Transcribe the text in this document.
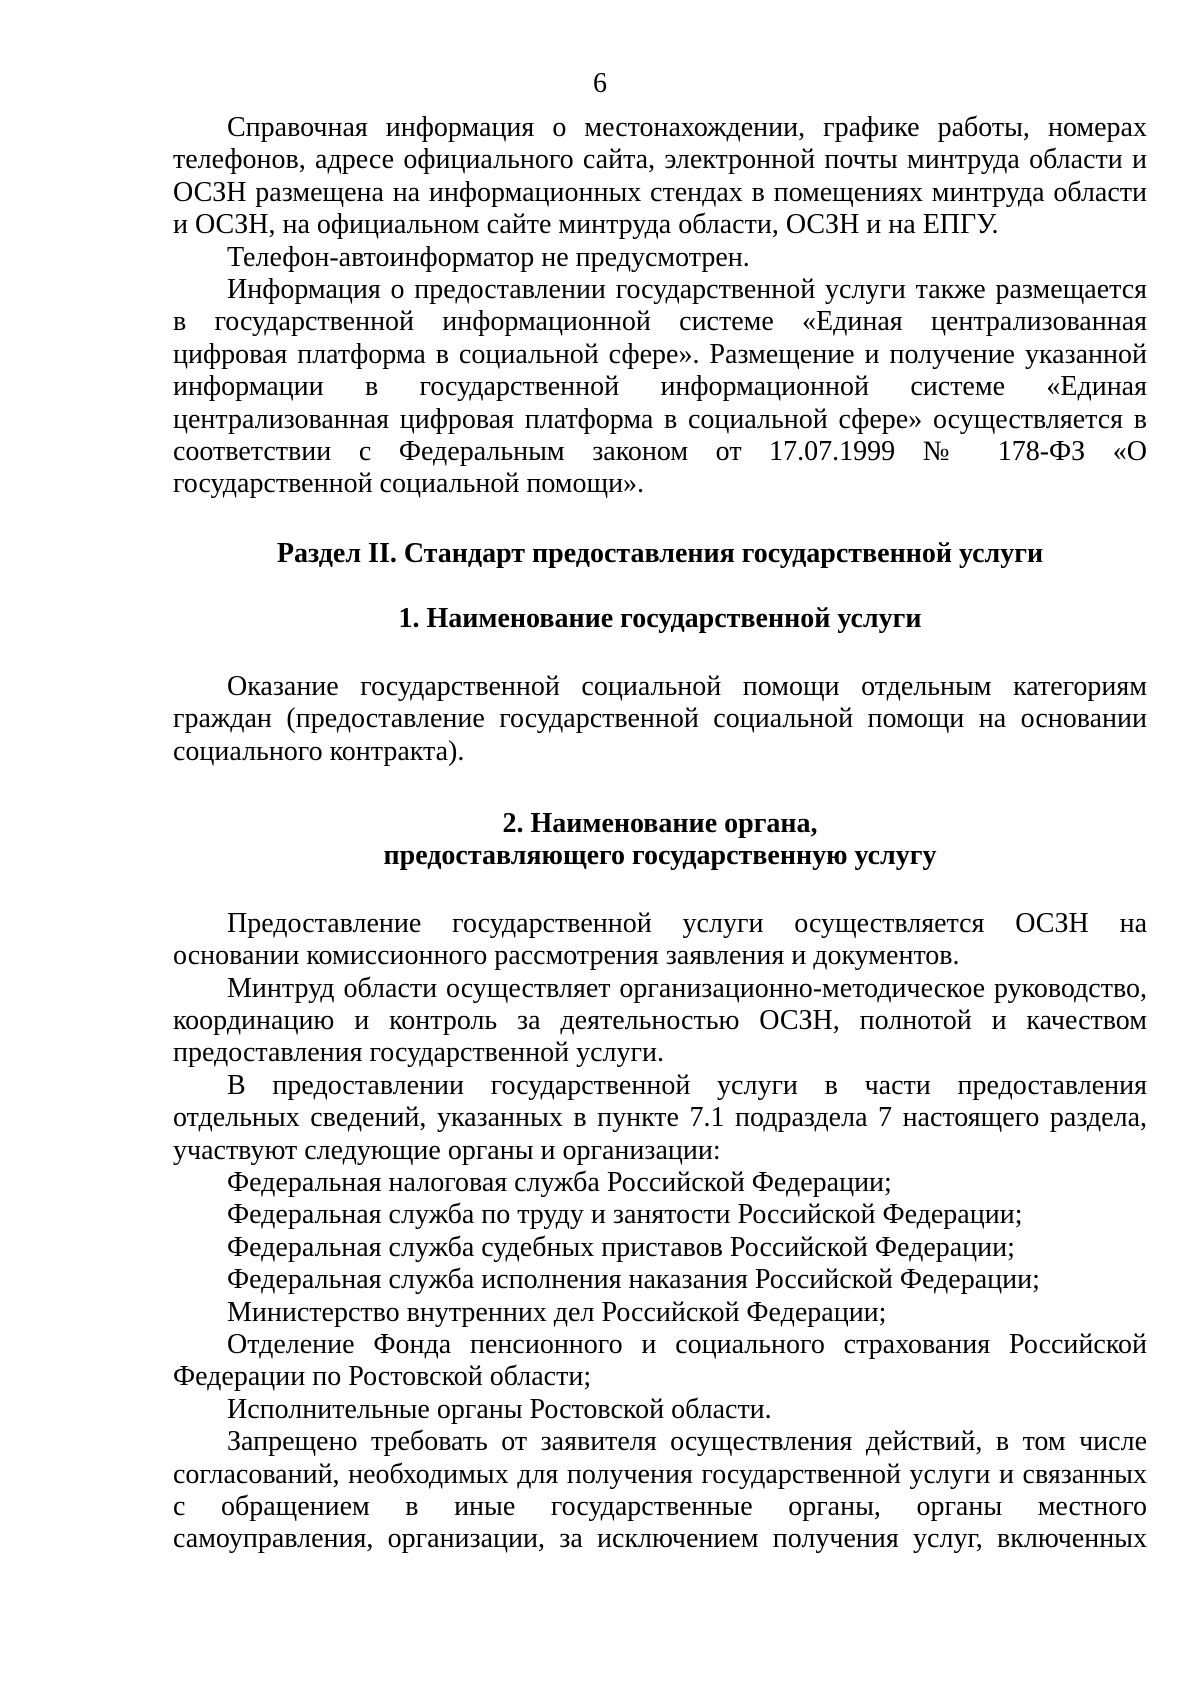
6

Справочная информация о местонахождении, графике работы, номерах телефонов, адресе официального сайта, электронной почты минтруда области и ОСЗН размещена на информационных стендах в помещениях минтруда области и ОСЗН, на официальном сайте минтруда области, ОСЗН и на ЕПГУ.

Телефон-автоинформатор не предусмотрен.

Информация о предоставлении государственной услуги также размещается в государственной информационной системе «Единая централизованная цифровая платформа в социальной сфере». Размещение и получение указанной информации в государственной информационной системе «Единая централизованная цифровая платформа в социальной сфере» осуществляется в соответствии с Федеральным законом от 17.07.1999 № 178-ФЗ «О государственной социальной помощи».

Раздел II. Стандарт предоставления государственной услуги

1. Наименование государственной услуги

Оказание государственной социальной помощи отдельным категориям граждан (предоставление государственной социальной помощи на основании социального контракта).

2. Наименование органа,

предоставляющего государственную услугу

Предоставление государственной услуги осуществляется ОСЗН на основании комиссионного рассмотрения заявления и документов.

Минтруд области осуществляет организационно-методическое руководство, координацию и контроль за деятельностью ОСЗН, полнотой и качеством предоставления государственной услуги.

В предоставлении государственной услуги в части предоставления отдельных сведений, указанных в пункте 7.1 подраздела 7 настоящего раздела, участвуют следующие органы и организации:

Федеральная налоговая служба Российской Федерации;

Федеральная служба по труду и занятости Российской Федерации;

Федеральная служба судебных приставов Российской Федерации;

Федеральная служба исполнения наказания Российской Федерации;

Министерство внутренних дел Российской Федерации;

Отделение Фонда пенсионного и социального страхования Российской Федерации по Ростовской области;

Исполнительные органы Ростовской области.

Запрещено требовать от заявителя осуществления действий, в том числе согласований, необходимых для получения государственной услуги и связанных с обращением в иные государственные органы, органы местного самоуправления, организации, за исключением получения услуг, включенных
